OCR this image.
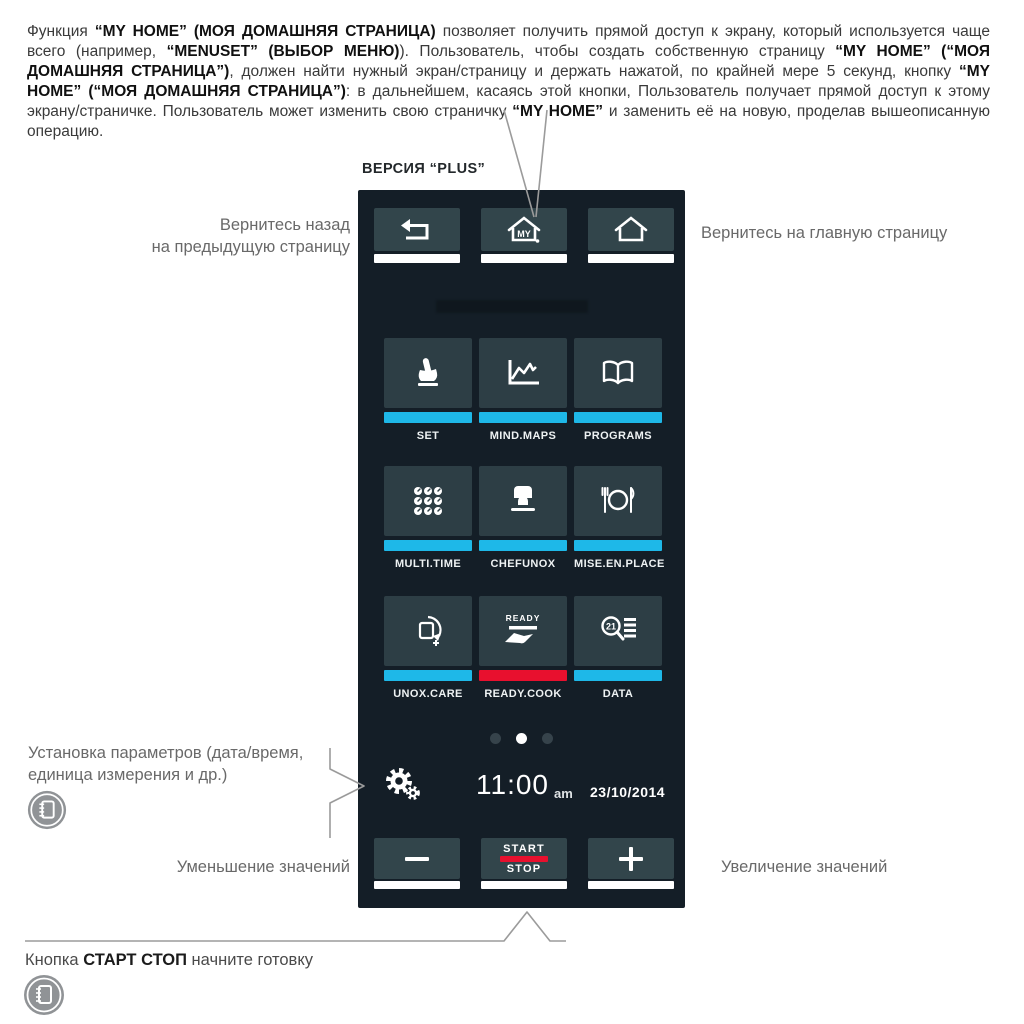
Функция “MY HOME” (МОЯ ДОМАШНЯЯ СТРАНИЦА) позволяет получить прямой доступ к экрану, который используется чаще всего (например, “MENUSET” (ВЫБОР МЕНЮ)). Пользователь, чтобы создать собственную страницу “MY HOME” (“МОЯ ДОМАШНЯЯ СТРАНИЦА”), должен найти нужный экран/страницу и держать нажатой, по крайней мере 5 секунд, кнопку “MY HOME” (“МОЯ ДОМАШНЯЯ СТРАНИЦА”): в дальнейшем, касаясь этой кнопки, Пользователь получает прямой доступ к этому экрану/страничке. Пользователь может изменить свою страничку “MY HOME” и заменить её на новую, проделав вышеописанную операцию.

ВЕРСИЯ “PLUS”
Вернитесь назад
на предыдущую страницу
Вернитесь на главную страницу
Установка параметров (дата/время,
единица измерения и др.)
Уменьшение значений	Увеличение значений
Кнопка СТАРТ СТОП начните готовку
MY
SET	MIND.MAPS	PROGRAMS
MULTI.TIME	CHEFUNOX	MISE.EN.PLACE
UNOX.CARE
READY
READY.COOK
21
DATA
11:00 am 23/10/2014
START
STOP
